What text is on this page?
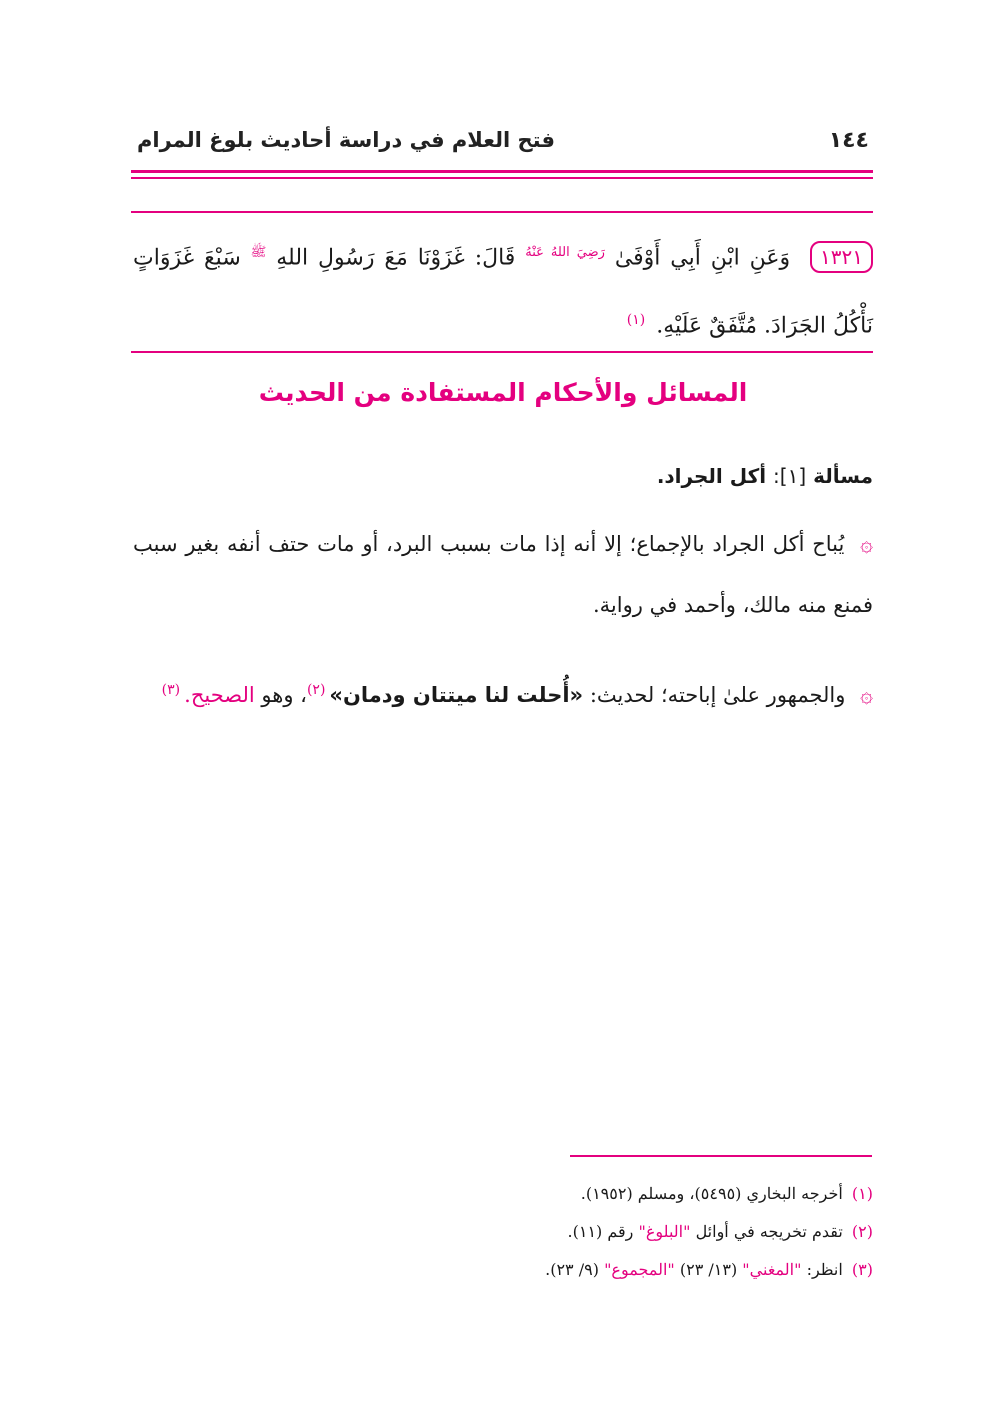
١٤٤
فتح العلام في دراسة أحاديث بلوغ المرام
١٣٢١ وَعَنِ ابْنِ أَبِي أَوْفَىٰ $^{رَضِيَ اللهُ عَنْهُ}$ قَالَ: غَزَوْنَا مَعَ رَسُولِ اللهِ $^ﷺ$ سَبْعَ غَزَوَاتٍ نَأْكُلُ الجَرَادَ. مُتَّفَقٌ عَلَيْهِ. $^{(١)}$
المسائل والأحكام المستفادة من الحديث
مسألة [١]: أكل الجراد.
۞ يُباح أكل الجراد بالإجماع؛ إلا أنه إذا مات بسبب البرد، أو مات حتف أنفه بغير سبب فمنع منه مالك، وأحمد في رواية.
۞ والجمهور علىٰ إباحته؛ لحديث: «أُحلت لنا ميتتان ودمان»$^{(٢)}$، وهو الصحيح.$^{(٣)}$
(١) أخرجه البخاري (٥٤٩٥)، ومسلم (١٩٥٢).
(٢) تقدم تخريجه في أوائل "البلوغ" رقم (١١).
(٣) انظر: "المغني" (١٣/ ٢٣) "المجموع" (٩/ ٢٣).
